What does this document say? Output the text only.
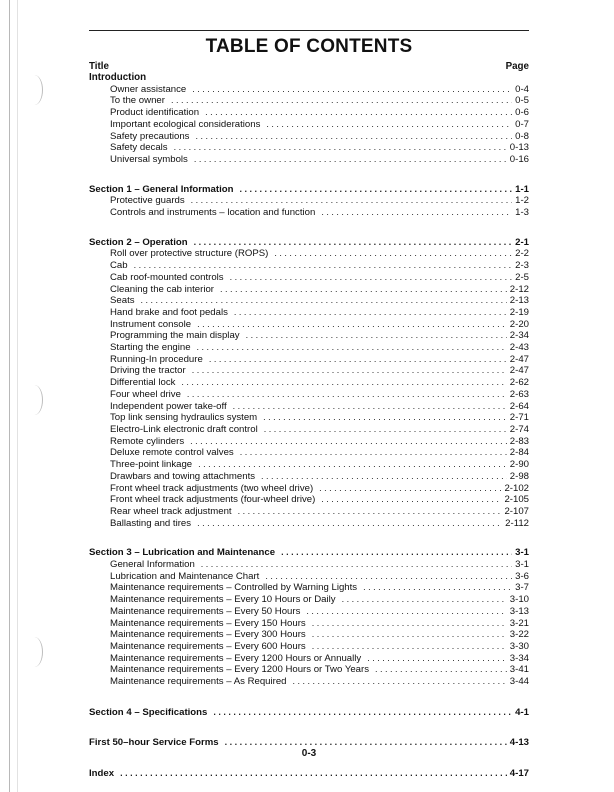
TABLE OF CONTENTS
Title	Page
Introduction
Owner assistance . . .	0-4
To the owner . . .	0-5
Product identification . . .	0-6
Important ecological considerations . . .	0-7
Safety precautions . . .	0-8
Safety decals . . .	0-13
Universal symbols . . .	0-16
Section 1 – General Information . . .	1-1
Protective guards . . .	1-2
Controls and instruments – location and function . . .	1-3
Section 2 – Operation . . .	2-1
Roll over protective structure (ROPS) . . .	2-2
Cab . . .	2-3
Cab roof-mounted controls . . .	2-5
Cleaning the cab interior . . .	2-12
Seats . . .	2-13
Hand brake and foot pedals . . .	2-19
Instrument console . . .	2-20
Programming the main display . . .	2-34
Starting the engine . . .	2-43
Running-In procedure . . .	2-47
Driving the tractor . . .	2-47
Differential lock . . .	2-62
Four wheel drive . . .	2-63
Independent power take-off . . .	2-64
Top link sensing hydraulics system . . .	2-71
Electro-Link electronic draft control . . .	2-74
Remote cylinders . . .	2-83
Deluxe remote control valves . . .	2-84
Three-point linkage . . .	2-90
Drawbars and towing attachments . . .	2-98
Front wheel track adjustments (two wheel drive) . . .	2-102
Front wheel track adjustments (four-wheel drive) . . .	2-105
Rear wheel track adjustment . . .	2-107
Ballasting and tires . . .	2-112
Section 3 – Lubrication and Maintenance . . .	3-1
General Information . . .	3-1
Lubrication and Maintenance Chart . . .	3-6
Maintenance requirements – Controlled by Warning Lights . . .	3-7
Maintenance requirements – Every 10 Hours or Daily . . .	3-10
Maintenance requirements – Every 50 Hours . . .	3-13
Maintenance requirements – Every 150 Hours . . .	3-21
Maintenance requirements – Every 300 Hours . . .	3-22
Maintenance requirements – Every 600 Hours . . .	3-30
Maintenance requirements – Every 1200 Hours or Annually . . .	3-34
Maintenance requirements – Every 1200 Hours or Two Years . . .	3-41
Maintenance requirements – As Required . . .	3-44
Section 4 – Specifications . . .	4-1
First 50–hour Service Forms . . .	4-13
Index . . .	4-17
0-3
